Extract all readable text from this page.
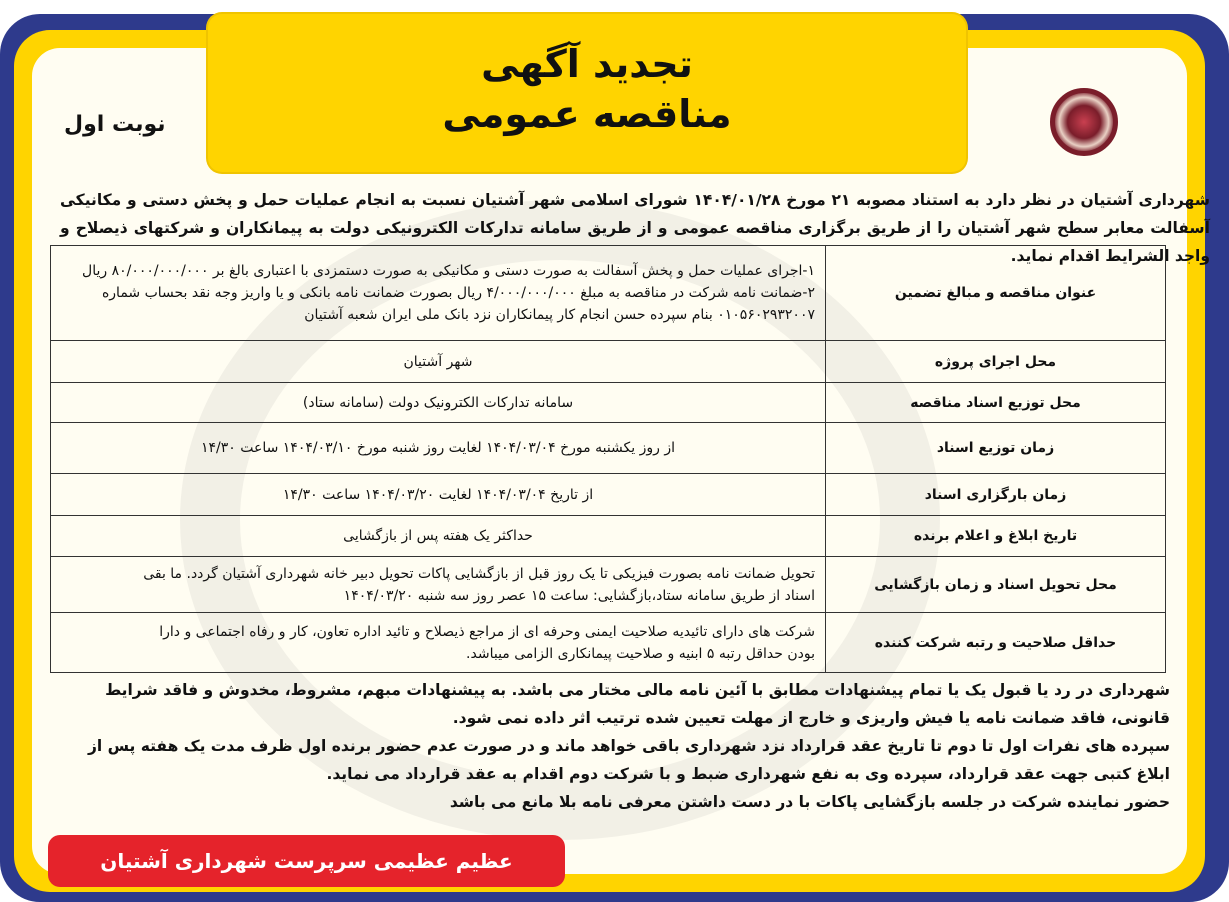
تجدید آگهی
مناقصه عمومی
نوبت اول
شهرداری آشتیان در نظر دارد به استناد مصوبه ۲۱ مورخ ۱۴۰۴/۰۱/۲۸ شورای اسلامی شهر آشتیان نسبت به انجام عملیات حمل و پخش دستی و مکانیکی آسفالت معابر سطح شهر آشتیان را از طریق برگزاری مناقصه عمومی و از طریق سامانه تدارکات الکترونیکی دولت به پیمانکاران و شرکتهای ذیصلاح و واجد الشرایط اقدام نماید.
عنوان مناقصه و مبالغ تضمین	۱-اجرای عملیات حمل و پخش آسفالت به صورت دستی و مکانیکی به صورت دستمزدی با اعتباری بالغ بر ۸۰/۰۰۰/۰۰۰/۰۰۰ ریال
۲-ضمانت نامه شرکت در مناقصه به مبلغ ۴/۰۰۰/۰۰۰/۰۰۰ ریال بصورت ضمانت نامه بانکی و یا واریز وجه نقد بحساب شماره
۰۱۰۵۶۰۲۹۳۲۰۰۷ بنام سپرده حسن انجام کار پیمانکاران نزد بانک ملی ایران شعبه آشتیان

محل اجرای پروژه	شهر آشتیان

محل توزیع اسناد مناقصه	سامانه تدارکات الکترونیک دولت (سامانه ستاد)

زمان توزیع اسناد	از روز یکشنبه مورخ ۱۴۰۴/۰۳/۰۴ لغایت روز شنبه مورخ ۱۴۰۴/۰۳/۱۰ ساعت ۱۴/۳۰

زمان بارگزاری اسناد	از تاریخ ۱۴۰۴/۰۳/۰۴ لغایت ۱۴۰۴/۰۳/۲۰ ساعت ۱۴/۳۰

تاریخ ابلاغ و اعلام برنده	حداکثر یک هفته پس از بازگشایی

محل تحویل اسناد و زمان بازگشایی	تحویل ضمانت نامه بصورت فیزیکی تا یک روز قبل از بازگشایی پاکات تحویل دبیر خانه شهرداری آشتیان گردد. ما بقی
اسناد از طریق سامانه ستاد،بازگشایی: ساعت ۱۵ عصر روز سه شنبه ۱۴۰۴/۰۳/۲۰

حداقل صلاحیت و رتبه شرکت کننده	شرکت های دارای تائیدیه صلاحیت ایمنی وحرفه ای از مراجع ذیصلاح و تائید اداره تعاون، کار و رفاه اجتماعی و دارا
بودن حداقل رتبه ۵ ابنیه و صلاحیت پیمانکاری الزامی میباشد.

شهرداری در رد یا قبول یک یا تمام پیشنهادات مطابق با آئین نامه مالی مختار می باشد. به پیشنهادات مبهم، مشروط، مخدوش و فاقد شرایط قانونی، فاقد ضمانت نامه یا فیش واریزی و خارج از مهلت تعیین شده ترتیب اثر داده نمی شود.

سپرده های نفرات اول تا دوم تا تاریخ عقد قرارداد نزد شهرداری باقی خواهد ماند و در صورت عدم حضور برنده اول ظرف مدت یک هفته پس از ابلاغ کتبی جهت عقد قرارداد، سپرده وی به نفع شهرداری ضبط و با شرکت دوم اقدام به عقد قرارداد می نماید.

حضور نماینده شرکت در جلسه بازگشایی پاکات با در دست داشتن معرفی نامه بلا مانع می باشد

عظیم عظیمی سرپرست شهرداری آشتیان
